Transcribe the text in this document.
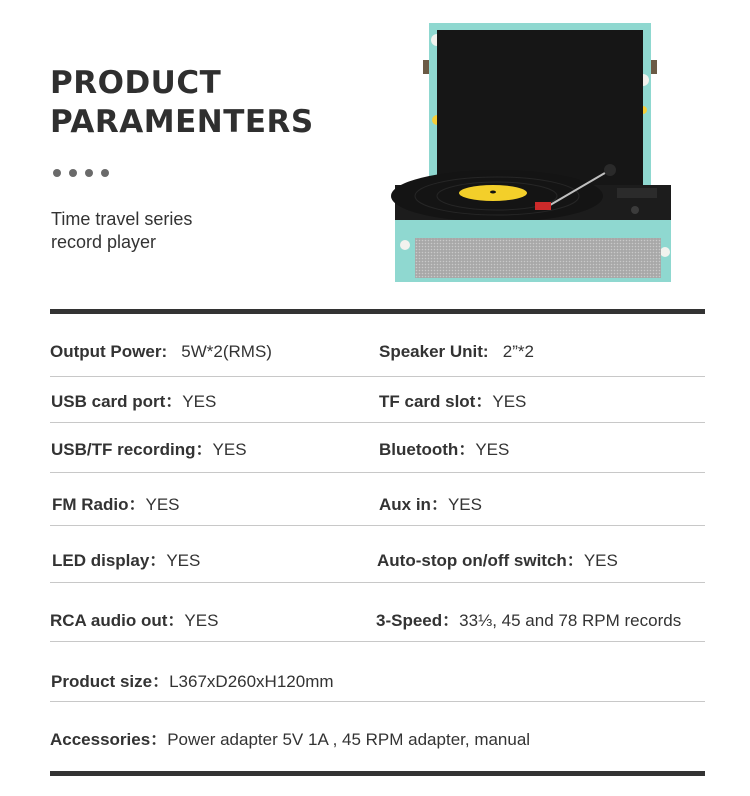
PRODUCT
PARAMENTERS
Time travel series
record player
Output Power: 5W*2(RMS)	Speaker Unit: 2”*2
USB card port：YES	TF card slot：YES
USB/TF recording：YES	Bluetooth：YES
FM Radio：YES	Aux in：YES
LED display：YES	Auto-stop on/off switch：YES
RCA audio out：YES	3-Speed：33⅓, 45 and 78 RPM records
Product size：L367xD260xH120mm
Accessories：Power adapter 5V 1A , 45 RPM adapter, manual
